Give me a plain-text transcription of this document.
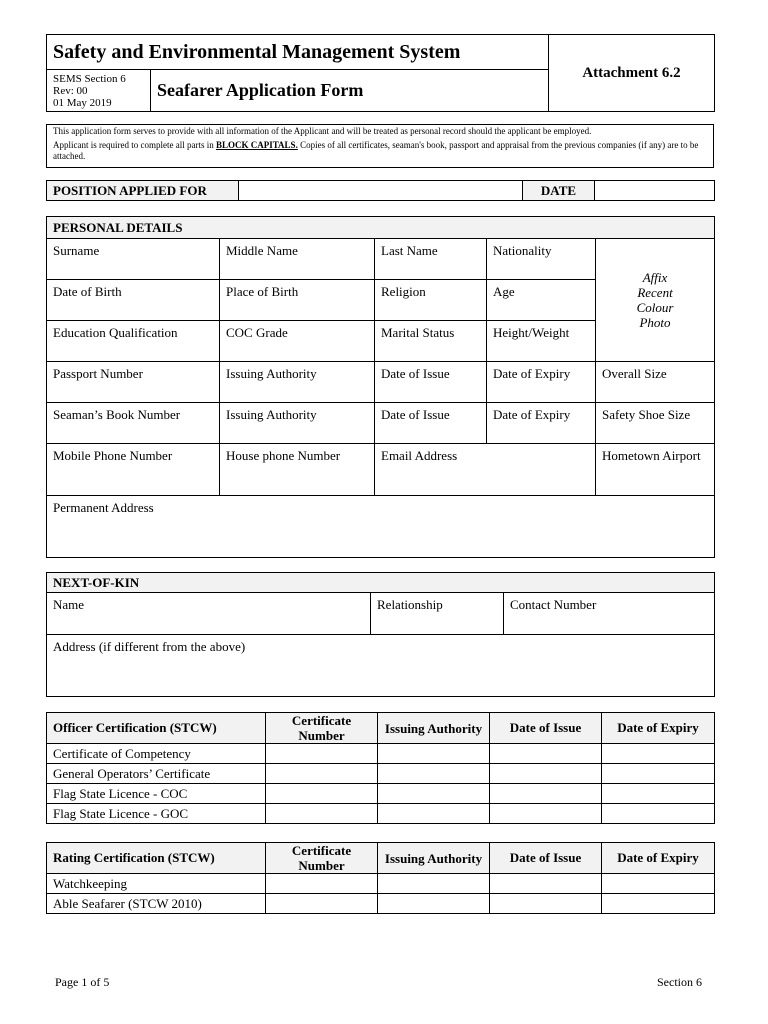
Safety and Environmental Management System		Attachment 6.2

SEMS Section 6
Rev: 00
01 May 2019	Seafarer Application Form	
This application form serves to provide with all information of the Applicant and will be treated as personal record should the applicant be employed.
Applicant is required to complete all parts in BLOCK CAPITALS. Copies of all certificates, seaman's book, passport and appraisal from the previous companies (if any) are to be attached.
POSITION APPLIED FOR		DATE	
PERSONAL DETAILS				
Surname	Middle Name	Last Name	Nationality	Affix
Recent
Colour
Photo

Date of Birth	Place of Birth	Religion	Age	
Education Qualification	COC Grade	Marital Status	Height/Weight	
Passport Number	Issuing Authority	Date of Issue	Date of Expiry	Overall Size
Seaman’s Book Number	Issuing Authority	Date of Issue	Date of Expiry	Safety Shoe Size
Mobile Phone Number	House phone Number	Email Address		Hometown Airport
Permanent Address				
NEXT-OF-KIN
Name	Relationship	Contact Number
Address (if different from the above)
Officer Certification (STCW)	Certificate Number	Issuing Authority	Date of Issue	Date of Expiry
Certificate of Competency				
General Operators’ Certificate				
Flag State Licence - COC				
Flag State Licence - GOC				
Rating Certification (STCW)	Certificate Number	Issuing Authority	Date of Issue	Date of Expiry
Watchkeeping				
Able Seafarer (STCW 2010)				
Page 1 of 5	Section 6
